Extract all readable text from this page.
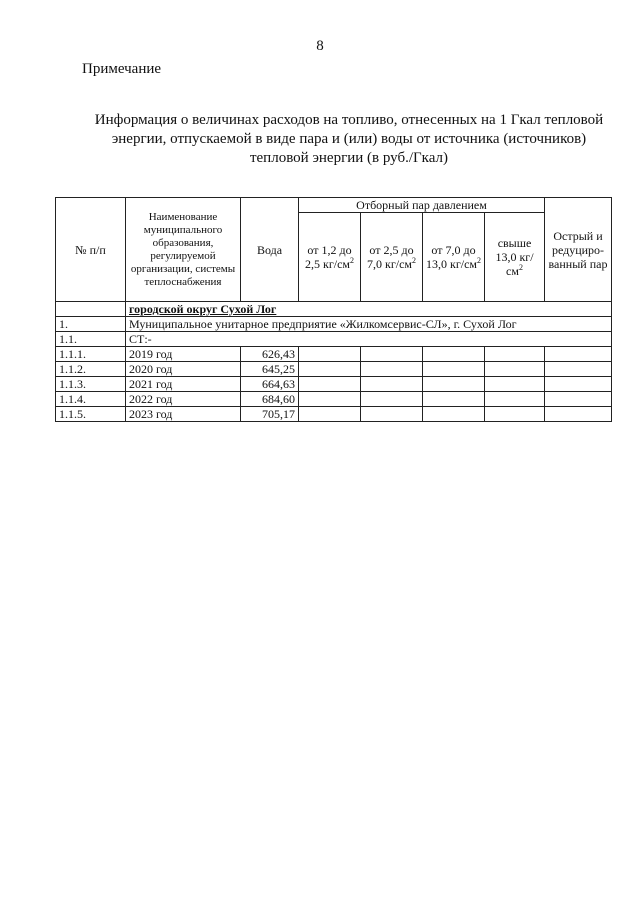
8
Примечание
Информация о величинах расходов на топливо, отнесенных на 1 Гкал тепловой энергии, отпускаемой в виде пара и (или) воды от источника (источников) тепловой энергии (в руб./Гкал)
№ п/п	Наименование муниципального образования, регулируемой организации, системы теплоснабжения	Вода	Отборный пар давлением				Острый и редуциро-ванный пар
			от 1,2 до 2,5 $кг/см^2$	от 2,5 до 7,0 $кг/см^2$	от 7,0 до 13,0 $кг/см^2$	свыше 13,0 $кг/см^2$
	городской округ Сухой Лог						
1.	Муниципальное унитарное предприятие «Жилкомсервис-СЛ», г. Сухой Лог						
1.1.	СТ:-						
1.1.1.	2019 год	626,43					
1.1.2.	2020 год	645,25					
1.1.3.	2021 год	664,63					
1.1.4.	2022 год	684,60					
1.1.5.	2023 год	705,17					
